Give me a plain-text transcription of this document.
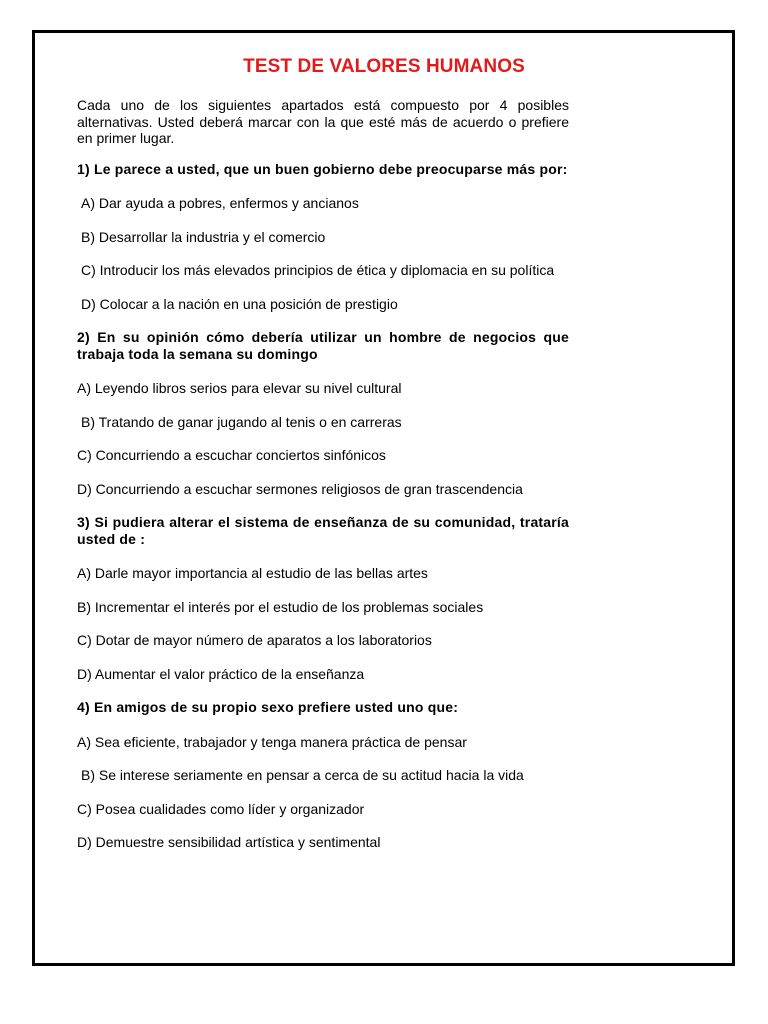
TEST DE VALORES HUMANOS

Cada uno de los siguientes apartados está compuesto por 4 posibles alternativas. Usted deberá marcar con la que esté más de acuerdo o prefiere en primer lugar.

1) Le parece a usted, que un buen gobierno debe preocuparse más por:

A) Dar ayuda a pobres, enfermos y ancianos

B) Desarrollar la industria y el comercio

C) Introducir los más elevados principios de ética y diplomacia en su política

D) Colocar a la nación en una posición de prestigio

2) En su opinión cómo debería utilizar un hombre de negocios que trabaja toda la semana su domingo

A) Leyendo libros serios para elevar su nivel cultural

B) Tratando de ganar jugando al tenis o en carreras

C) Concurriendo a escuchar conciertos sinfónicos

D) Concurriendo a escuchar sermones religiosos de gran trascendencia

3) Si pudiera alterar el sistema de enseñanza de su comunidad, trataría usted de :

A) Darle mayor importancia al estudio de las bellas artes

B) Incrementar el interés por el estudio de los problemas sociales

C) Dotar de mayor número de aparatos a los laboratorios

D) Aumentar el valor práctico de la enseñanza

4) En amigos de su propio sexo prefiere usted uno que:

A) Sea eficiente, trabajador y tenga manera práctica de pensar

B) Se interese seriamente en pensar a cerca de su actitud hacia la vida

C) Posea cualidades como líder y organizador

D) Demuestre sensibilidad artística y sentimental
